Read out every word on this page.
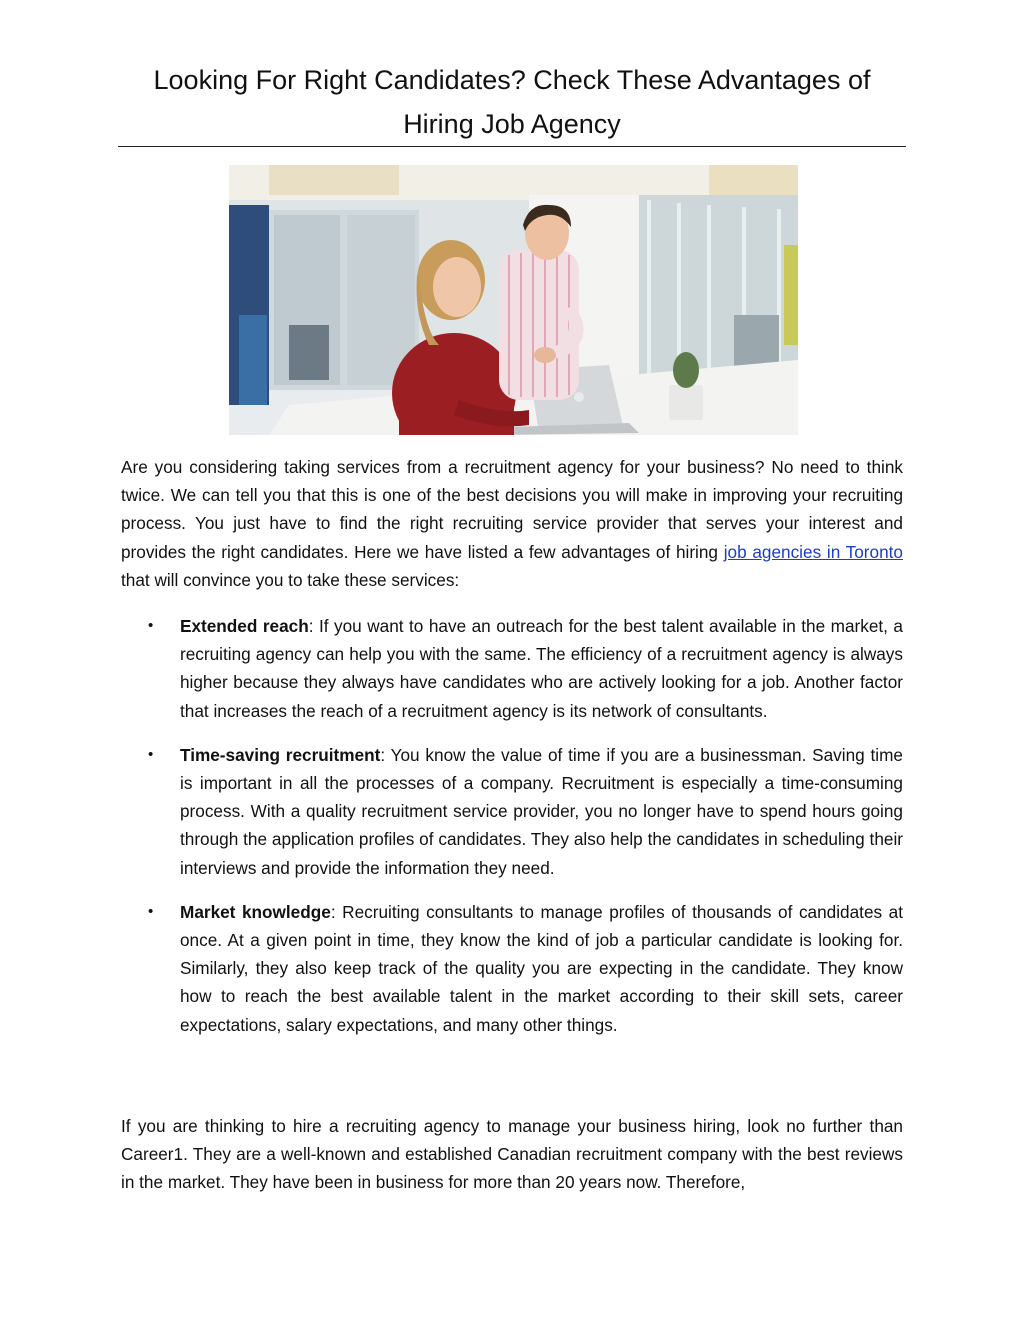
Looking For Right Candidates? Check These Advantages of
Hiring Job Agency

Are you considering taking services from a recruitment agency for your business? No need to think twice. We can tell you that this is one of the best decisions you will make in improving your recruiting process. You just have to find the right recruiting service provider that serves your interest and provides the right candidates. Here we have listed a few advantages of hiring job agencies in Toronto that will convince you to take these services:

• Extended reach: If you want to have an outreach for the best talent available in the market, a recruiting agency can help you with the same. The efficiency of a recruitment agency is always higher because they always have candidates who are actively looking for a job. Another factor that increases the reach of a recruitment agency is its network of consultants.
• Time-saving recruitment: You know the value of time if you are a businessman. Saving time is important in all the processes of a company. Recruitment is especially a time-consuming process. With a quality recruitment service provider, you no longer have to spend hours going through the application profiles of candidates. They also help the candidates in scheduling their interviews and provide the information they need.
• Market knowledge: Recruiting consultants to manage profiles of thousands of candidates at once. At a given point in time, they know the kind of job a particular candidate is looking for. Similarly, they also keep track of the quality you are expecting in the candidate. They know how to reach the best available talent in the market according to their skill sets, career expectations, salary expectations, and many other things.

If you are thinking to hire a recruiting agency to manage your business hiring, look no further than Career1. They are a well-known and established Canadian recruitment company with the best reviews in the market. They have been in business for more than 20 years now. Therefore,
